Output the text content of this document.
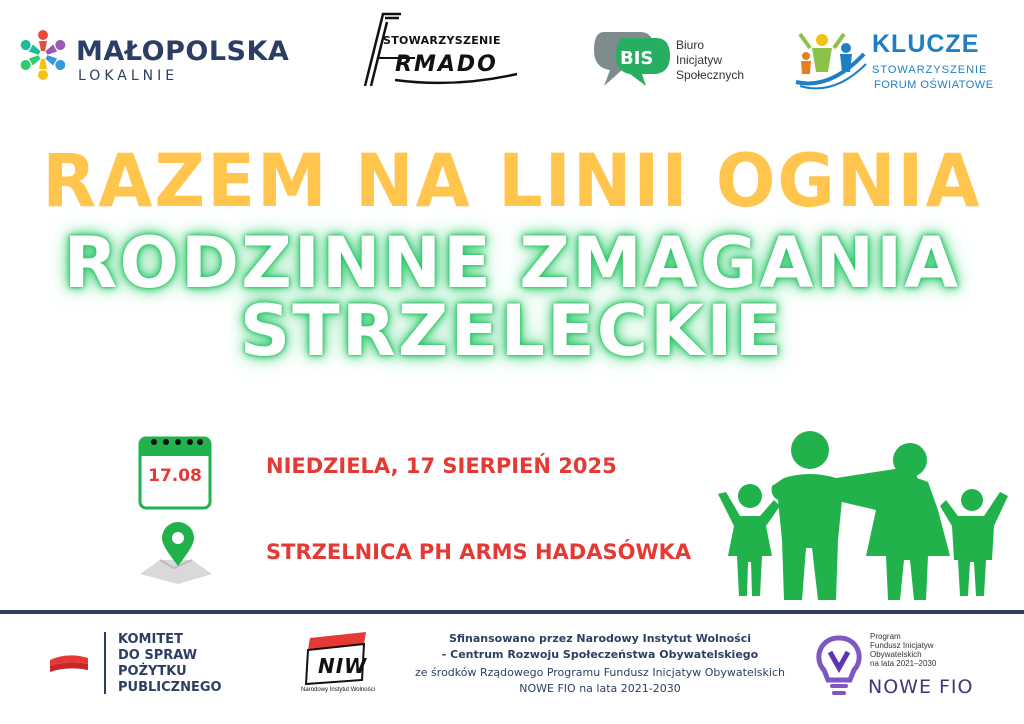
MAŁOPOLSKA
LOKALNIE
STOWARZYSZENIE
RMADO	BIS
Biuro
Inicjatyw
Społecznych
KLUCZE
STOWARZYSZENIE
FORUM OŚWIATOWE
RAZEM NA LINII OGNIA
RODZINNE ZMAGANIA
STRZELECKIE
17.08	NIEDZIELA, 17 SIERPIEŃ 2025
STRZELNICA PH ARMS HADASÓWKA
KOMITET
DO SPRAW
POŻYTKU
PUBLICZNEGO
NIW
Narodowy Instytut Wolności
Sfinansowano przez Narodowy Instytut Wolności
- Centrum Rozwoju Społeczeństwa Obywatelskiego
ze środków Rządowego Programu Fundusz Inicjatyw Obywatelskich
NOWE FIO na lata 2021-2030
Program
Fundusz Inicjatyw
Obywatelskich
na lata 2021–2030
NOWE FIO
